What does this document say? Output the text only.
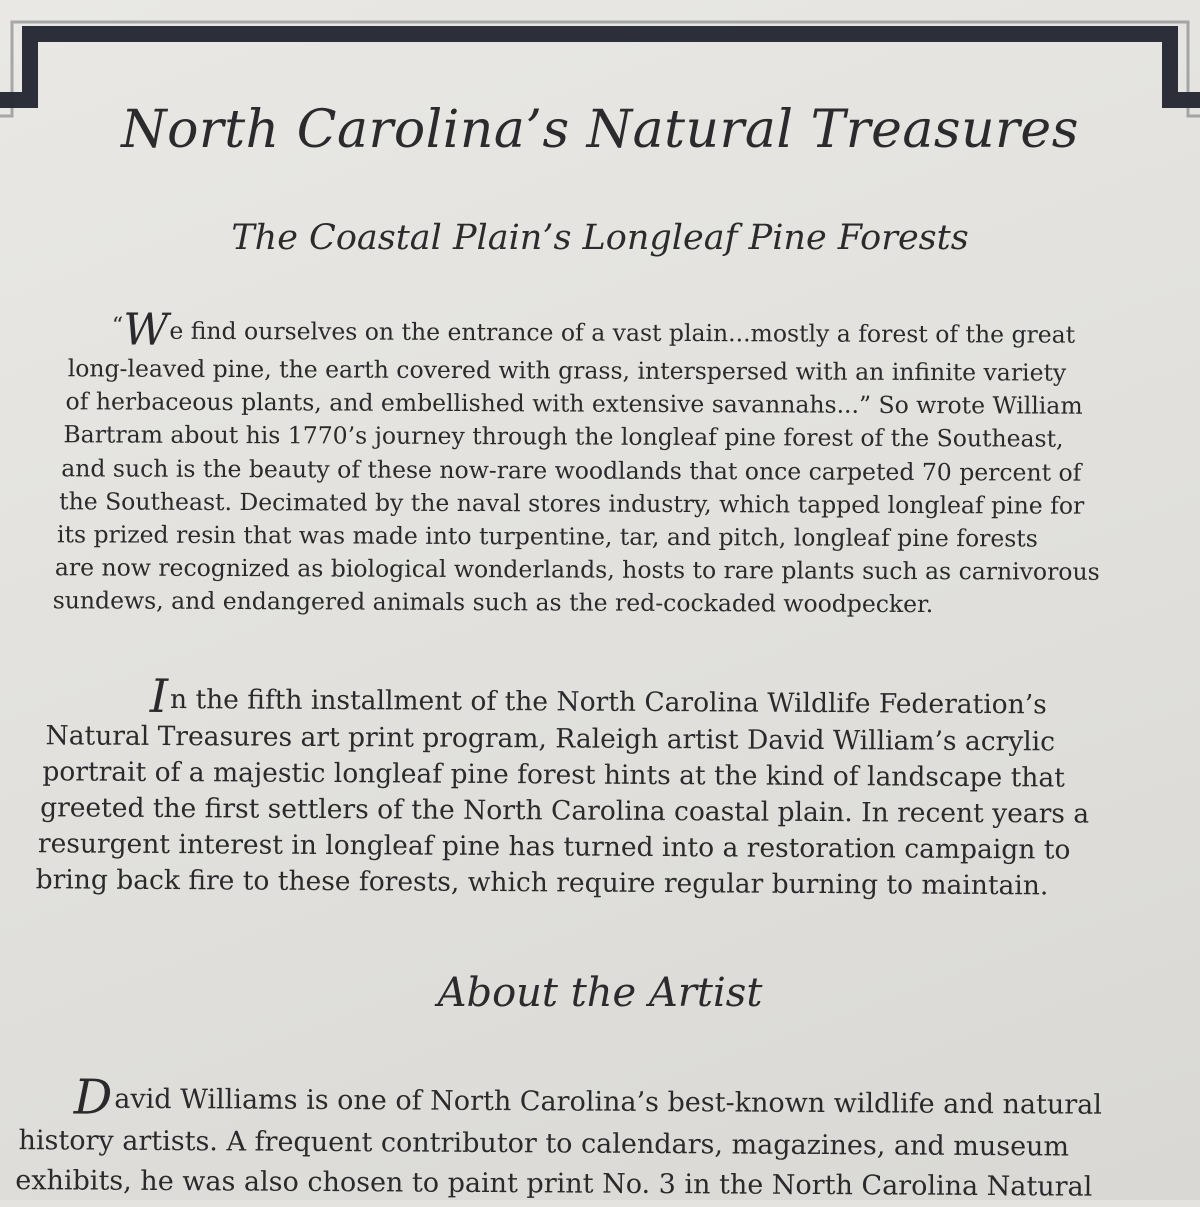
North Carolina’s Natural Treasures
The Coastal Plain’s Longleaf Pine Forests

“We find ourselves on the entrance of a vast plain...mostly a forest of the great
long-leaved pine, the earth covered with grass, interspersed with an infinite variety
of herbaceous plants, and embellished with extensive savannahs...” So wrote William
Bartram about his 1770’s journey through the longleaf pine forest of the Southeast,
and such is the beauty of these now-rare woodlands that once carpeted 70 percent of
the Southeast. Decimated by the naval stores industry, which tapped longleaf pine for
its prized resin that was made into turpentine, tar, and pitch, longleaf pine forests
are now recognized as biological wonderlands, hosts to rare plants such as carnivorous
sundews, and endangered animals such as the red-cockaded woodpecker.

In the fifth installment of the North Carolina Wildlife Federation’s
Natural Treasures art print program, Raleigh artist David William’s acrylic
portrait of a majestic longleaf pine forest hints at the kind of landscape that
greeted the first settlers of the North Carolina coastal plain. In recent years a
resurgent interest in longleaf pine has turned into a restoration campaign to
bring back fire to these forests, which require regular burning to maintain.

About the Artist

David Williams is one of North Carolina’s best-known wildlife and natural
history artists. A frequent contributor to calendars, magazines, and museum
exhibits, he was also chosen to paint print No. 3 in the North Carolina Natural
